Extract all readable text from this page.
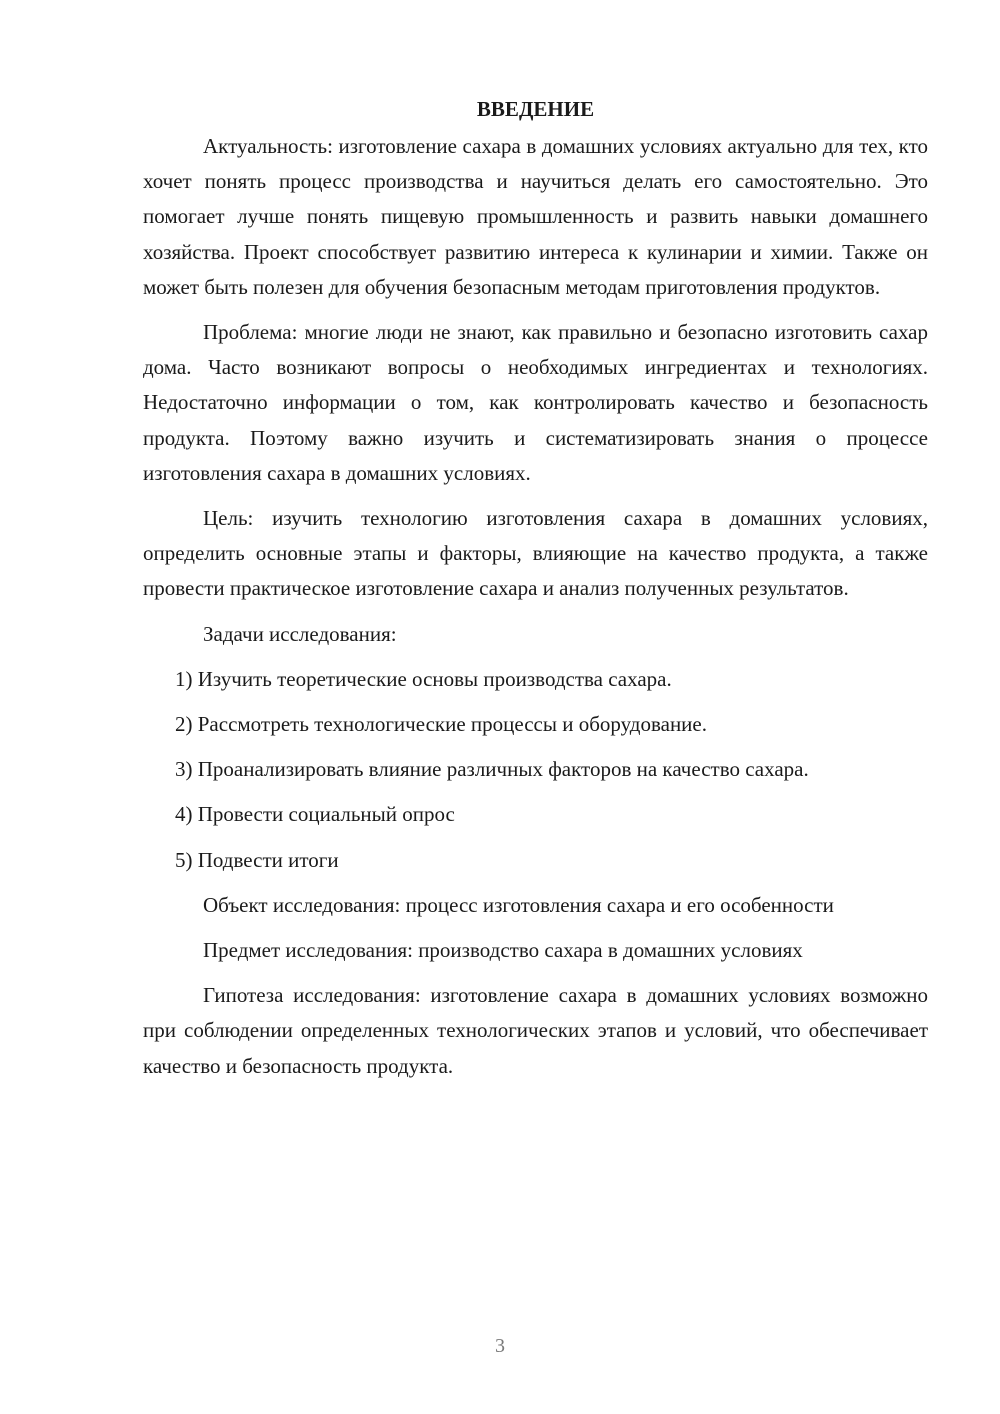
ВВЕДЕНИЕ

Актуальность: изготовление сахара в домашних условиях актуально для тех, кто хочет понять процесс производства и научиться делать его самостоятельно. Это помогает лучше понять пищевую промышленность и развить навыки домашнего хозяйства. Проект способствует развитию интереса к кулинарии и химии. Также он может быть полезен для обучения безопасным методам приготовления продуктов.

Проблема: многие люди не знают, как правильно и безопасно изготовить сахар дома. Часто возникают вопросы о необходимых ингредиентах и технологиях. Недостаточно информации о том, как контролировать качество и безопасность продукта. Поэтому важно изучить и систематизировать знания о процессе изготовления сахара в домашних условиях.

Цель: изучить технологию изготовления сахара в домашних условиях, определить основные этапы и факторы, влияющие на качество продукта, а также провести практическое изготовление сахара и анализ полученных результатов.

Задачи исследования:

1) Изучить теоретические основы производства сахара.

2) Рассмотреть технологические процессы и оборудование.

3) Проанализировать влияние различных факторов на качество сахара.

4) Провести социальный опрос

5) Подвести итоги

Объект исследования: процесс изготовления сахара и его особенности

Предмет исследования: производство сахара в домашних условиях

Гипотеза исследования: изготовление сахара в домашних условиях возможно при соблюдении определенных технологических этапов и условий, что обеспечивает качество и безопасность продукта.

3
